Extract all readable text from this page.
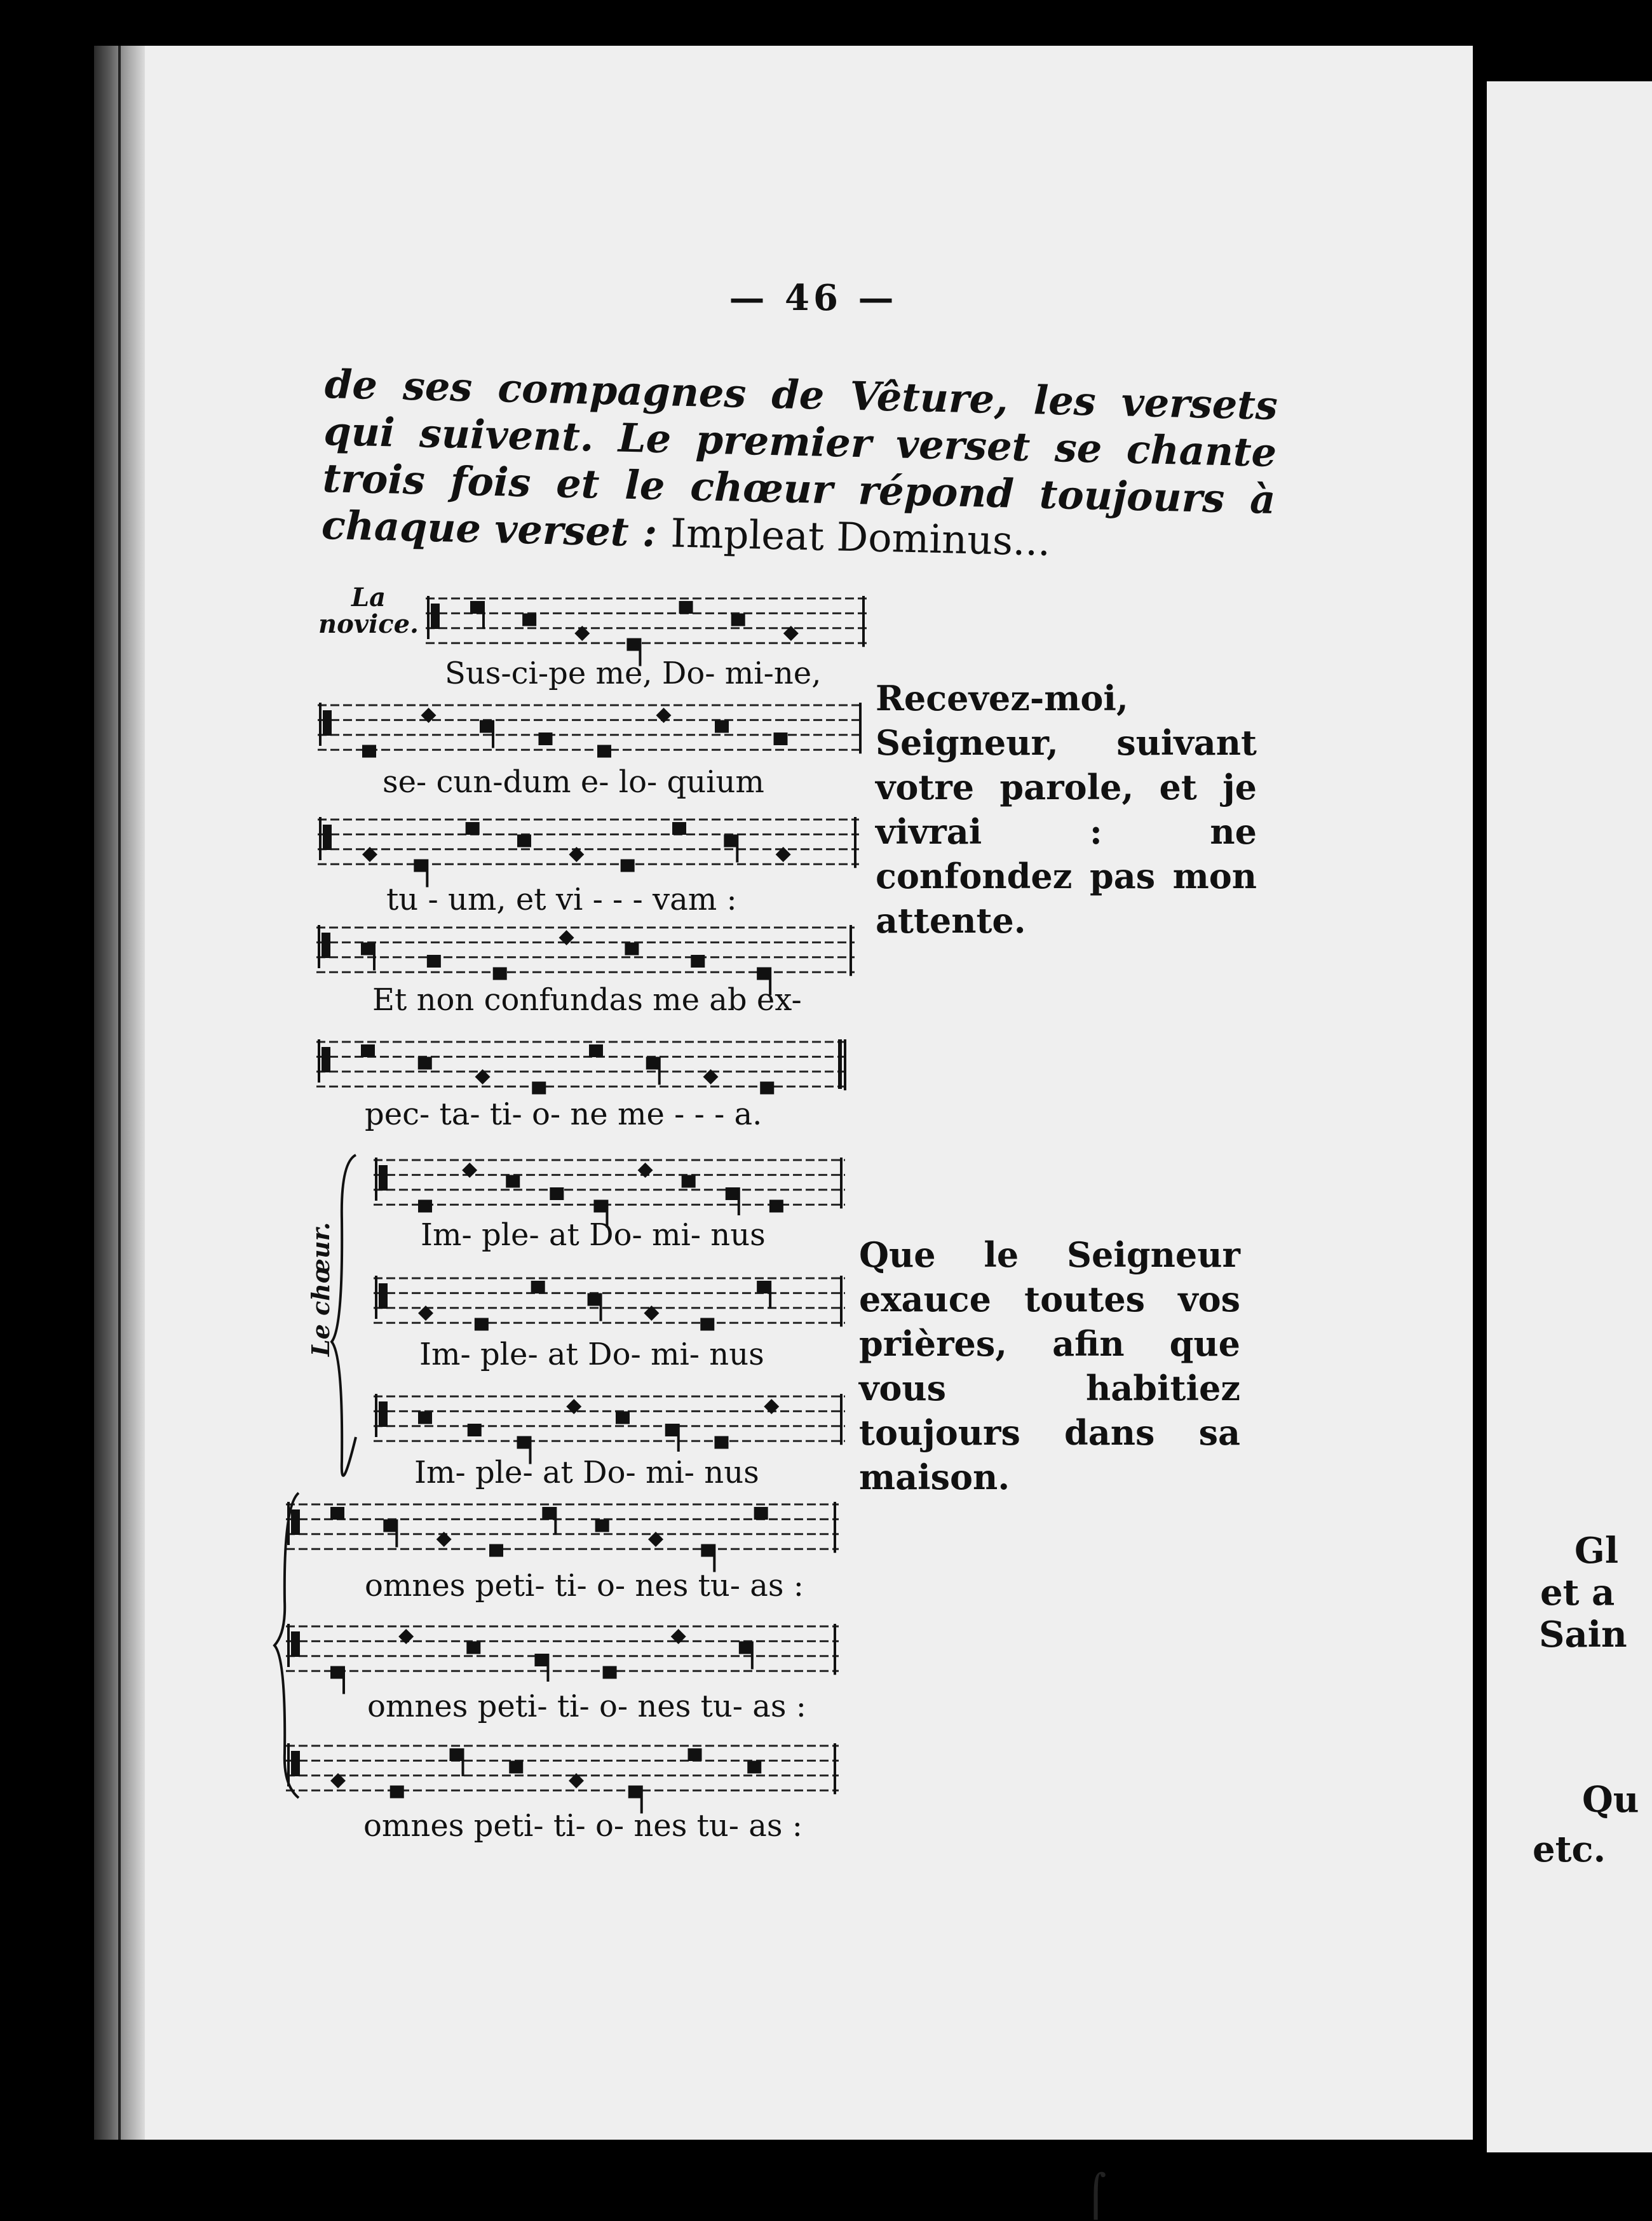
— 46 —
de ses compagnes de Vêture, les versets qui suivent. Le premier verset se chante trois fois et le chœur répond toujours à chaque verset : Impleat Dominus...
La novice.
Sus-ci-pe me, Do- mi-ne,
se- cun-dum e- lo- quium
tu - um, et vi - - - vam :
Et non confundas me ab ex-
pec- ta- ti- o- ne me - - - a.
Im- ple- at Do- mi- nus
Im- ple- at Do- mi- nus
Im- ple- at Do- mi- nus
omnes peti- ti- o- nes tu- as :
omnes peti- ti- o- nes tu- as :
omnes peti- ti- o- nes tu- as :
Recevez-moi, Seigneur, suivant votre parole, et je vivrai : ne confondez pas mon attente.
Que le Seigneur exauce toutes vos prières, afin que vous habitiez toujours dans sa maison.
Le chœur.
Gl
et a
Sain
Qu
etc.
⌠
